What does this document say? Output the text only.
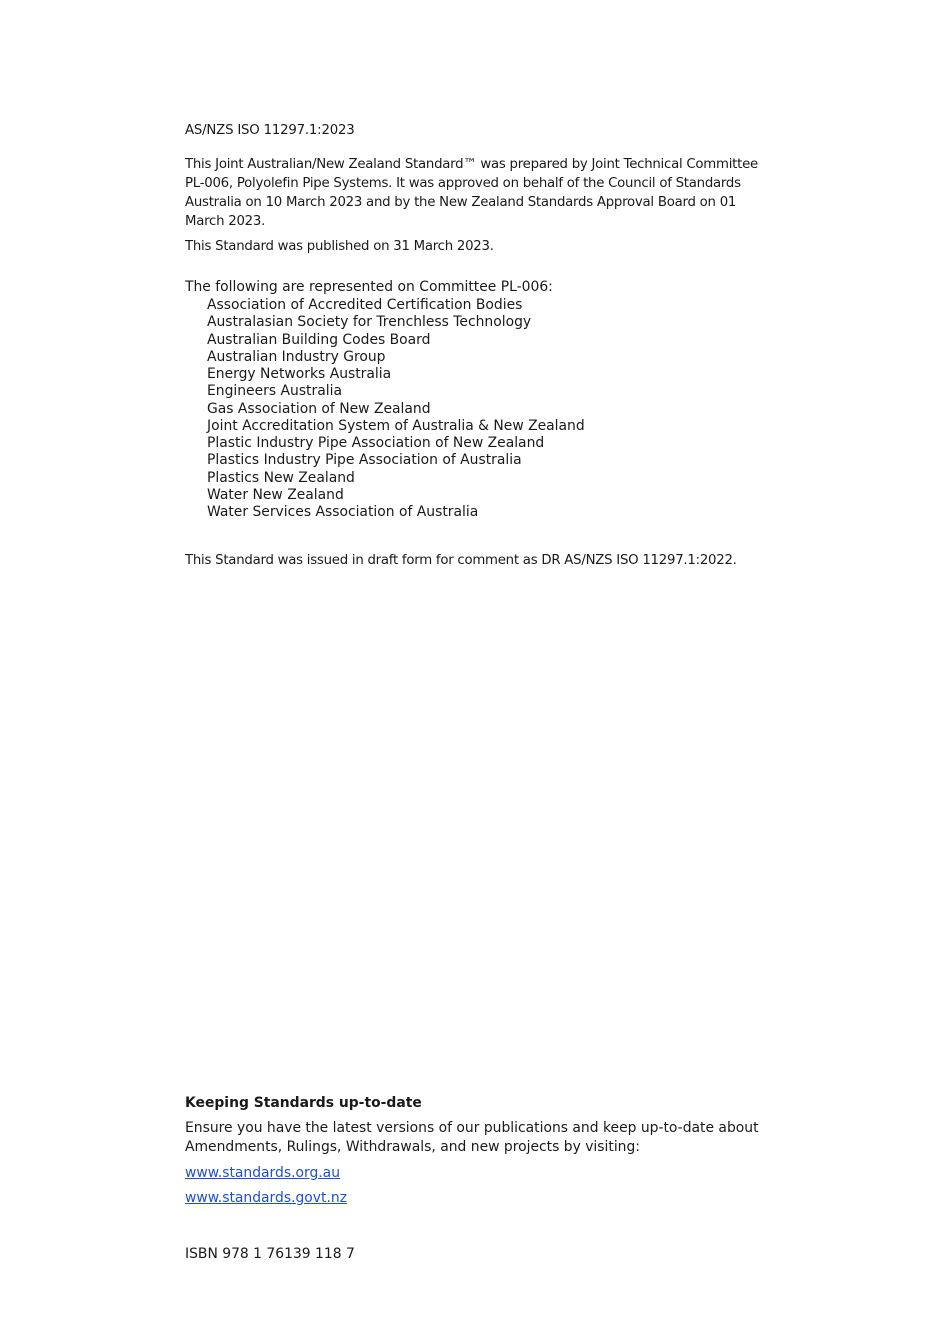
AS/NZS ISO 11297.1:2023

This Joint Australian/New Zealand Standard™ was prepared by Joint Technical Committee PL-006, Polyolefin Pipe Systems. It was approved on behalf of the Council of Standards Australia on 10 March 2023 and by the New Zealand Standards Approval Board on 01 March 2023.

This Standard was published on 31 March 2023.

The following are represented on Committee PL-006:

Association of Accredited Certification Bodies
Australasian Society for Trenchless Technology
Australian Building Codes Board
Australian Industry Group
Energy Networks Australia
Engineers Australia
Gas Association of New Zealand
Joint Accreditation System of Australia & New Zealand
Plastic Industry Pipe Association of New Zealand
Plastics Industry Pipe Association of Australia
Plastics New Zealand
Water New Zealand
Water Services Association of Australia

This Standard was issued in draft form for comment as DR AS/NZS ISO 11297.1:2022.

Keeping Standards up-to-date

Ensure you have the latest versions of our publications and keep up-to-date about Amendments, Rulings, Withdrawals, and new projects by visiting:

www.standards.org.au
www.standards.govt.nz

ISBN 978 1 76139 118 7
